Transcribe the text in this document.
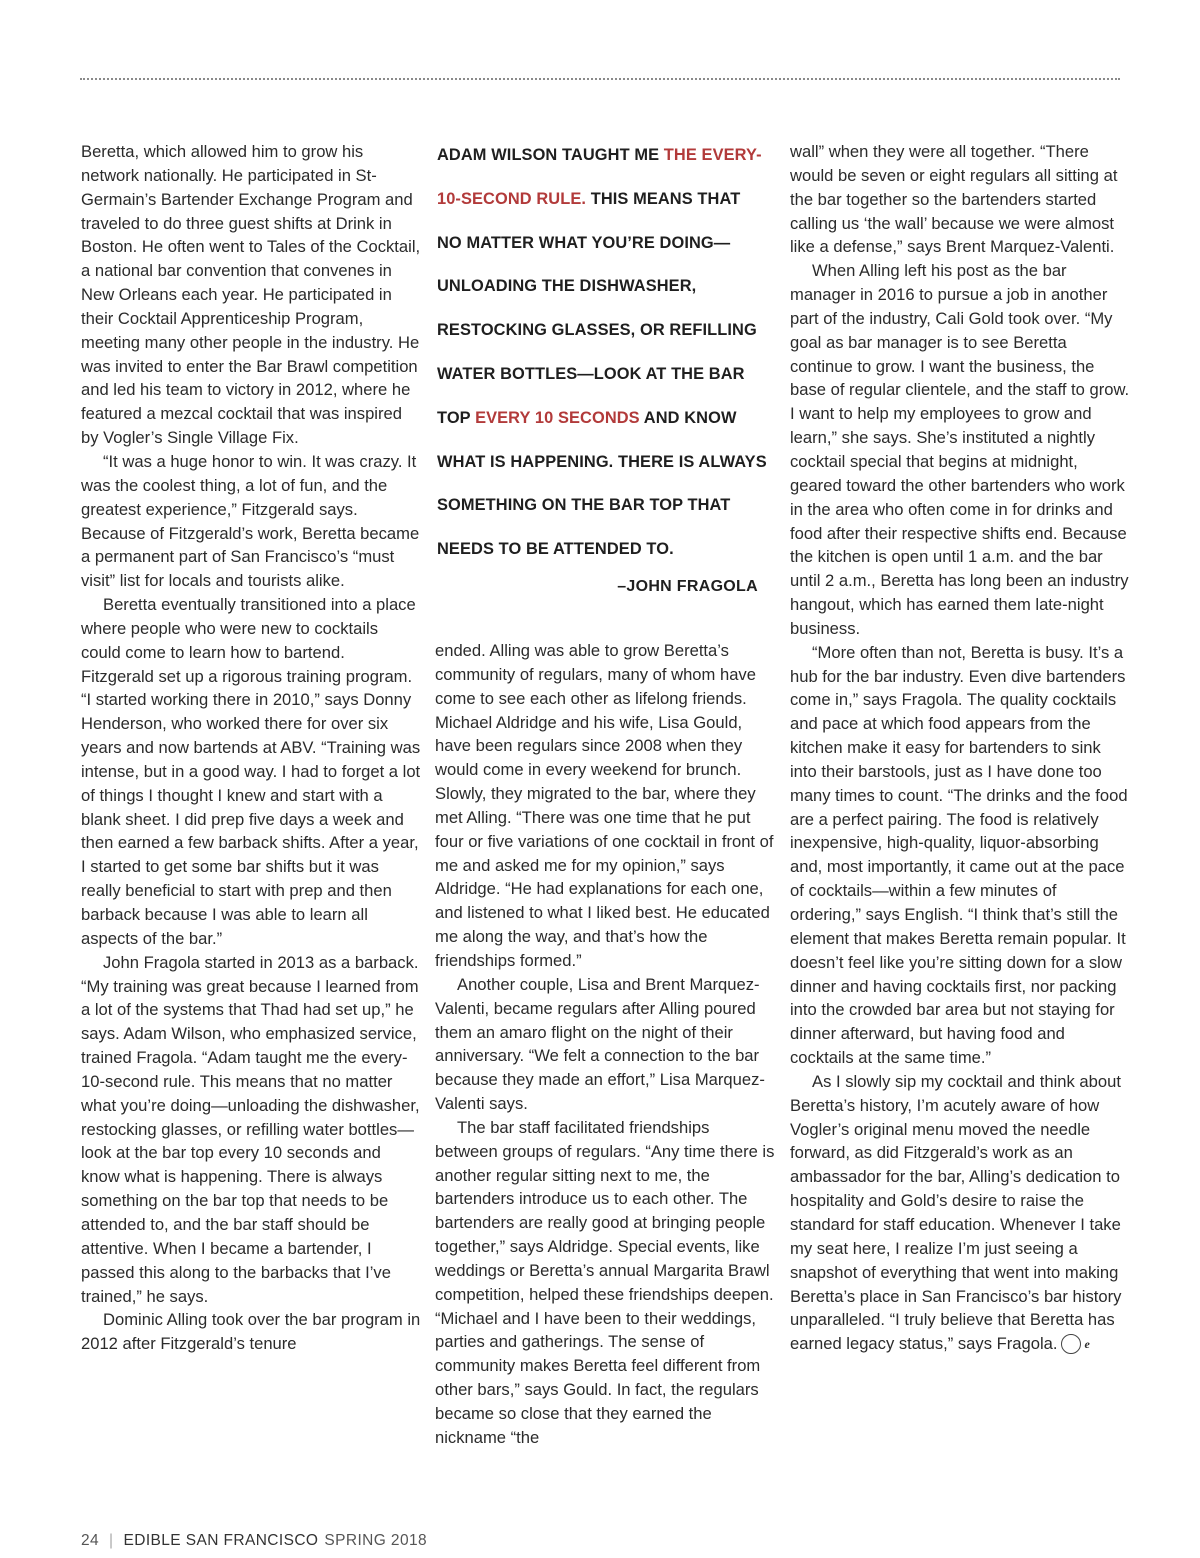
Beretta, which allowed him to grow his network nationally. He participated in St-Germain’s Bartender Exchange Program and traveled to do three guest shifts at Drink in Boston. He often went to Tales of the Cocktail, a national bar convention that convenes in New Orleans each year. He participated in their Cocktail Apprenticeship Program, meeting many other people in the industry. He was invited to enter the Bar Brawl competition and led his team to victory in 2012, where he featured a mezcal cocktail that was inspired by Vogler’s Single Village Fix.

“It was a huge honor to win. It was crazy. It was the coolest thing, a lot of fun, and the greatest experience,” Fitzgerald says. Because of Fitzgerald’s work, Beretta became a permanent part of San Francisco’s “must visit” list for locals and tourists alike.

Beretta eventually transitioned into a place where people who were new to cocktails could come to learn how to bartend. Fitzgerald set up a rigorous training program. “I started working there in 2010,” says Donny Henderson, who worked there for over six years and now bartends at ABV. “Training was intense, but in a good way. I had to forget a lot of things I thought I knew and start with a blank sheet. I did prep five days a week and then earned a few barback shifts. After a year, I started to get some bar shifts but it was really beneficial to start with prep and then barback because I was able to learn all aspects of the bar.”

John Fragola started in 2013 as a barback. “My training was great because I learned from a lot of the systems that Thad had set up,” he says. Adam Wilson, who emphasized service, trained Fragola. “Adam taught me the every-10-second rule. This means that no matter what you’re doing—unloading the dishwasher, restocking glasses, or refilling water bottles—look at the bar top every 10 seconds and know what is happening. There is always something on the bar top that needs to be attended to, and the bar staff should be attentive. When I became a bartender, I passed this along to the barbacks that I’ve trained,” he says.

Dominic Alling took over the bar program in 2012 after Fitzgerald’s tenure

ADAM WILSON TAUGHT ME THE EVERY-10-SECOND RULE. THIS MEANS THAT NO MATTER WHAT YOU’RE DOING—UNLOADING THE DISHWASHER, RESTOCKING GLASSES, OR REFILLING WATER BOTTLES—LOOK AT THE BAR TOP EVERY 10 SECONDS AND KNOW WHAT IS HAPPENING. THERE IS ALWAYS SOMETHING ON THE BAR TOP THAT NEEDS TO BE ATTENDED TO.
–JOHN FRAGOLA

ended. Alling was able to grow Beretta’s community of regulars, many of whom have come to see each other as lifelong friends. Michael Aldridge and his wife, Lisa Gould, have been regulars since 2008 when they would come in every weekend for brunch. Slowly, they migrated to the bar, where they met Alling. “There was one time that he put four or five variations of one cocktail in front of me and asked me for my opinion,” says Aldridge. “He had explanations for each one, and listened to what I liked best. He educated me along the way, and that’s how the friendships formed.”

Another couple, Lisa and Brent Marquez-Valenti, became regulars after Alling poured them an amaro flight on the night of their anniversary. “We felt a connection to the bar because they made an effort,” Lisa Marquez-Valenti says.

The bar staff facilitated friendships between groups of regulars. “Any time there is another regular sitting next to me, the bartenders introduce us to each other. The bartenders are really good at bringing people together,” says Aldridge. Special events, like weddings or Beretta’s annual Margarita Brawl competition, helped these friendships deepen. “Michael and I have been to their weddings, parties and gatherings. The sense of community makes Beretta feel different from other bars,” says Gould. In fact, the regulars became so close that they earned the nickname “the

wall” when they were all together. “There would be seven or eight regulars all sitting at the bar together so the bartenders started calling us ‘the wall’ because we were almost like a defense,” says Brent Marquez-Valenti.

When Alling left his post as the bar manager in 2016 to pursue a job in another part of the industry, Cali Gold took over. “My goal as bar manager is to see Beretta continue to grow. I want the business, the base of regular clientele, and the staff to grow. I want to help my employees to grow and learn,” she says. She’s instituted a nightly cocktail special that begins at midnight, geared toward the other bartenders who work in the area who often come in for drinks and food after their respective shifts end. Because the kitchen is open until 1 a.m. and the bar until 2 a.m., Beretta has long been an industry hangout, which has earned them late-night business.

“More often than not, Beretta is busy. It’s a hub for the bar industry. Even dive bartenders come in,” says Fragola. The quality cocktails and pace at which food appears from the kitchen make it easy for bartenders to sink into their barstools, just as I have done too many times to count. “The drinks and the food are a perfect pairing. The food is relatively inexpensive, high-quality, liquor-absorbing and, most importantly, it came out at the pace of cocktails—within a few minutes of ordering,” says English. “I think that’s still the element that makes Beretta remain popular. It doesn’t feel like you’re sitting down for a slow dinner and having cocktails first, nor packing into the crowded bar area but not staying for dinner afterward, but having food and cocktails at the same time.”

As I slowly sip my cocktail and think about Beretta’s history, I’m acutely aware of how Vogler’s original menu moved the needle forward, as did Fitzgerald’s work as an ambassador for the bar, Alling’s dedication to hospitality and Gold’s desire to raise the standard for staff education. Whenever I take my seat here, I realize I’m just seeing a snapshot of everything that went into making Beretta’s place in San Francisco’s bar history unparalleled. “I truly believe that Beretta has earned legacy status,” says Fragola. e

24 | EDIBLE SAN FRANCISCO SPRING 2018
